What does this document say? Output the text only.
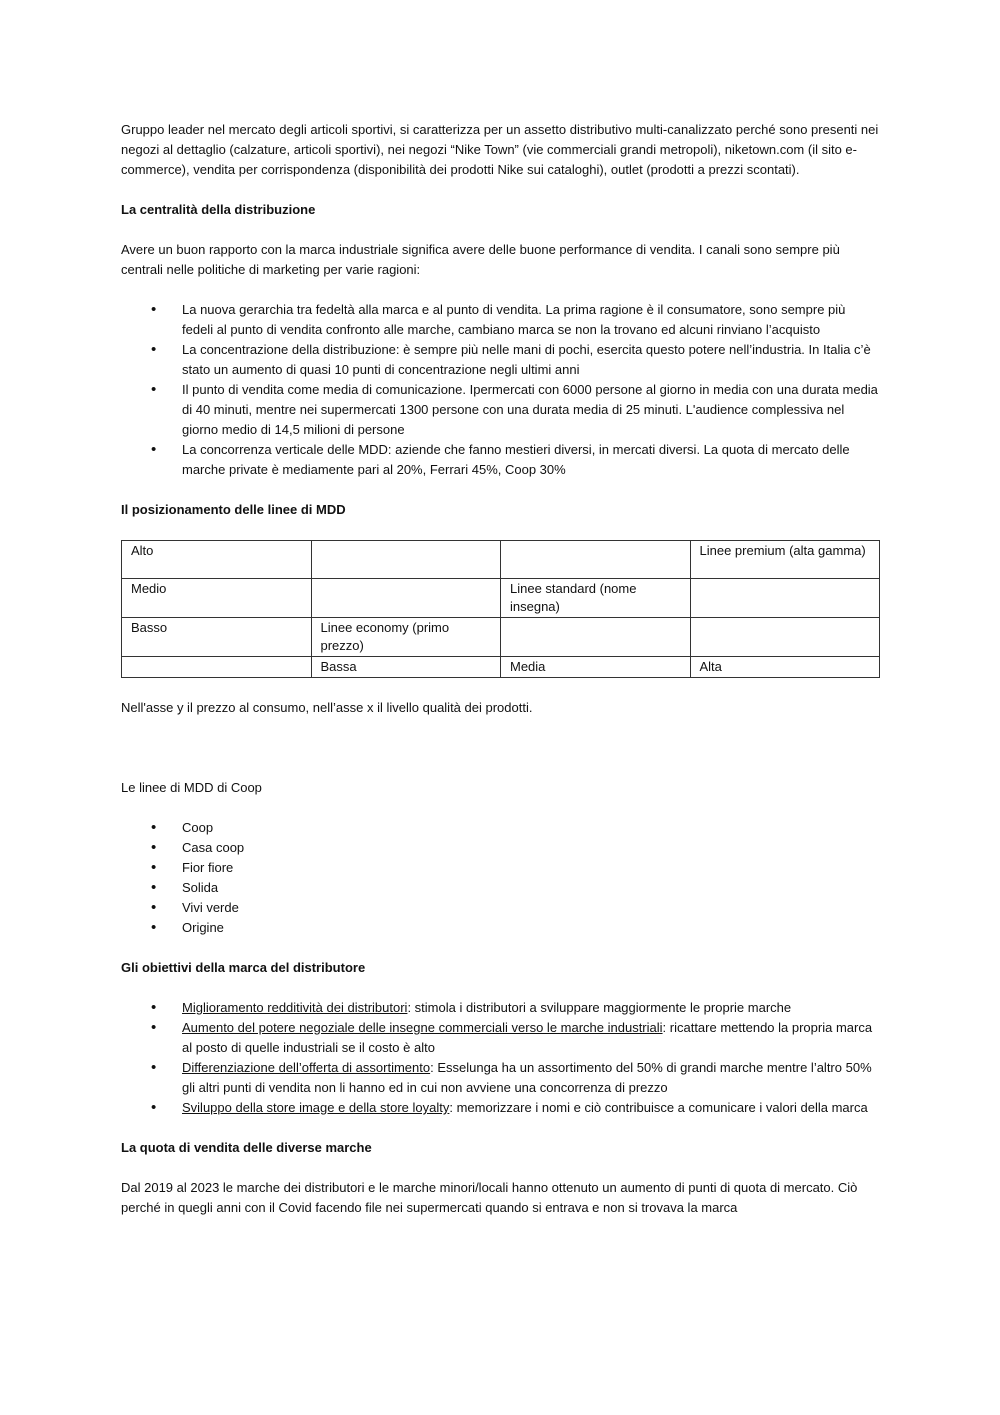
Gruppo leader nel mercato degli articoli sportivi, si caratterizza per un assetto distributivo multi-canalizzato perché sono presenti nei negozi al dettaglio (calzature, articoli sportivi), nei negozi “Nike Town” (vie commerciali grandi metropoli), niketown.com (il sito e-commerce), vendita per corrispondenza (disponibilità dei prodotti Nike sui cataloghi), outlet (prodotti a prezzi scontati).

La centralità della distribuzione

Avere un buon rapporto con la marca industriale significa avere delle buone performance di vendita. I canali sono sempre più centrali nelle politiche di marketing per varie ragioni:

• La nuova gerarchia tra fedeltà alla marca e al punto di vendita. La prima ragione è il consumatore, sono sempre più fedeli al punto di vendita confronto alle marche, cambiano marca se non la trovano ed alcuni rinviano l’acquisto
• La concentrazione della distribuzione: è sempre più nelle mani di pochi, esercita questo potere nell’industria. In Italia c’è stato un aumento di quasi 10 punti di concentrazione negli ultimi anni
• Il punto di vendita come media di comunicazione. Ipermercati con 6000 persone al giorno in media con una durata media di 40 minuti, mentre nei supermercati 1300 persone con una durata media di 25 minuti. L'audience complessiva nel giorno medio di 14,5 milioni di persone
• La concorrenza verticale delle MDD: aziende che fanno mestieri diversi, in mercati diversi. La quota di mercato delle marche private è mediamente pari al 20%, Ferrari 45%, Coop 30%

Il posizionamento delle linee di MDD

Alto			Linee premium (alta gamma)
Medio		Linee standard (nome insegna)	
Basso	Linee economy (primo prezzo)		
	Bassa	Media	Alta

Nell'asse y il prezzo al consumo, nell’asse x il livello qualità dei prodotti.

Le linee di MDD di Coop

• Coop
• Casa coop
• Fior fiore
• Solida
• Vivi verde
• Origine

Gli obiettivi della marca del distributore

• Miglioramento redditività dei distributori: stimola i distributori a sviluppare maggiormente le proprie marche
• Aumento del potere negoziale delle insegne commerciali verso le marche industriali: ricattare mettendo la propria marca al posto di quelle industriali se il costo è alto
• Differenziazione dell’offerta di assortimento: Esselunga ha un assortimento del 50% di grandi marche mentre l’altro 50% gli altri punti di vendita non li hanno ed in cui non avviene una concorrenza di prezzo
• Sviluppo della store image e della store loyalty: memorizzare i nomi e ciò contribuisce a comunicare i valori della marca

La quota di vendita delle diverse marche

Dal 2019 al 2023 le marche dei distributori e le marche minori/locali hanno ottenuto un aumento di punti di quota di mercato. Ciò perché in quegli anni con il Covid facendo file nei supermercati quando si entrava e non si trovava la marca
